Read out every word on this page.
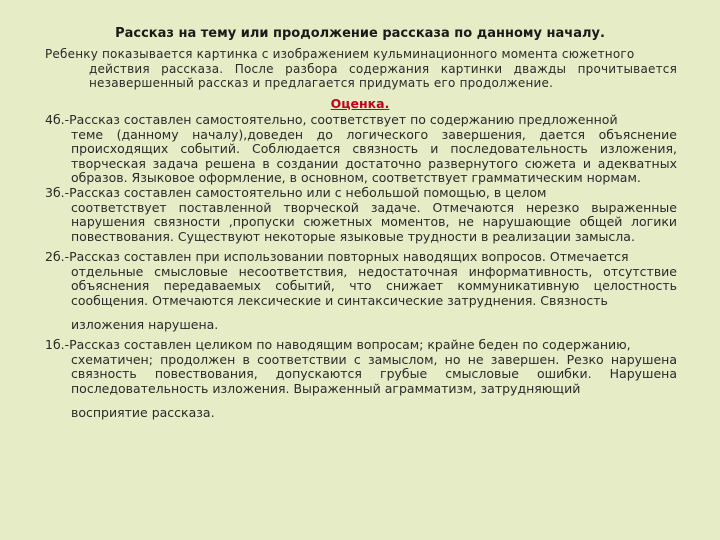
Рассказ на тему или продолжение рассказа по данному началу.
Ребенку показывается картинка с изображением кульминационного момента сюжетного
действия рассказа. После разбора содержания картинки дважды прочитывается незавершенный рассказ и предлагается придумать его продолжение.
Оценка.
4б.-Рассказ составлен самостоятельно, соответствует по содержанию предложенной
теме (данному началу),доведен до логического завершения, дается объяснение происходящих событий. Соблюдается связность и последовательность изложения, творческая задача решена в создании достаточно развернутого сюжета и адекватных образов. Языковое оформление, в основном, соответствует грамматическим нормам.
3б.-Рассказ составлен самостоятельно или с небольшой помощью, в целом
соответствует поставленной творческой задаче. Отмечаются нерезко выраженные нарушения связности ,пропуски сюжетных моментов, не нарушающие общей логики повествования. Существуют некоторые языковые трудности в реализации замысла.
2б.-Рассказ составлен при использовании повторных наводящих вопросов. Отмечается
отдельные смысловые несоответствия, недостаточная информативность, отсутствие объяснения передаваемых событий, что снижает коммуникативную целостность сообщения. Отмечаются лексические и синтаксические затруднения. Связность
изложения нарушена.
1б.-Рассказ составлен целиком по наводящим вопросам; крайне беден по содержанию,
схематичен; продолжен в соответствии с замыслом, но не завершен. Резко нарушена связность повествования, допускаются грубые смысловые ошибки. Нарушена последовательность изложения. Выраженный аграмматизм, затрудняющий
восприятие рассказа.
